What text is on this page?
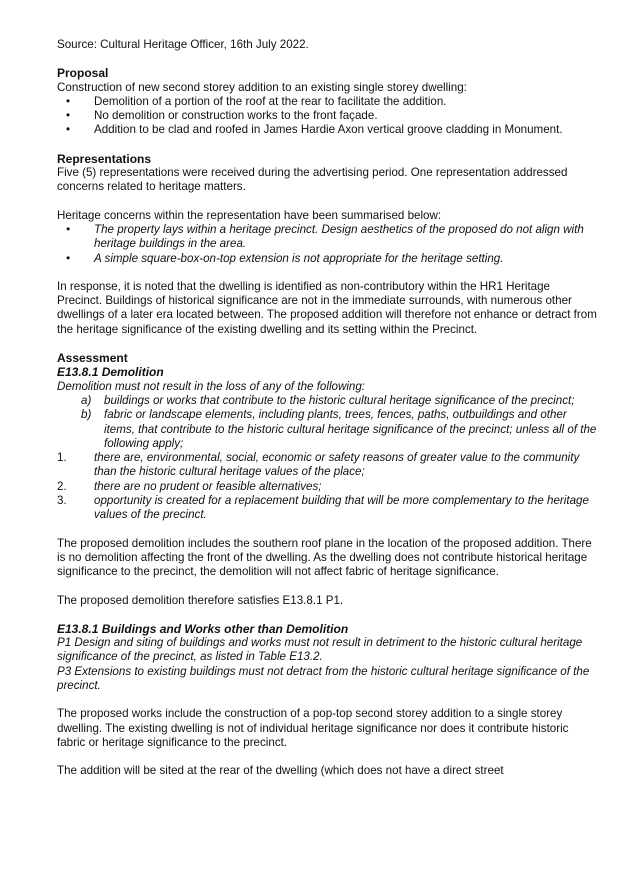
Source: Cultural Heritage Officer, 16th July 2022.

Proposal

Construction of new second storey addition to an existing single storey dwelling:

• Demolition of a portion of the roof at the rear to facilitate the addition.
• No demolition or construction works to the front façade.
• Addition to be clad and roofed in James Hardie Axon vertical groove cladding in Monument.

Representations

Five (5) representations were received during the advertising period. One representation addressed concerns related to heritage matters.

Heritage concerns within the representation have been summarised below:

• The property lays within a heritage precinct. Design aesthetics of the proposed do not align with heritage buildings in the area.
• A simple square-box-on-top extension is not appropriate for the heritage setting.

In response, it is noted that the dwelling is identified as non-contributory within the HR1 Heritage Precinct. Buildings of historical significance are not in the immediate surrounds, with numerous other dwellings of a later era located between. The proposed addition will therefore not enhance or detract from the heritage significance of the existing dwelling and its setting within the Precinct.

Assessment

E13.8.1 Demolition

Demolition must not result in the loss of any of the following:

a) buildings or works that contribute to the historic cultural heritage significance of the precinct;

b) fabric or landscape elements, including plants, trees, fences, paths, outbuildings and other items, that contribute to the historic cultural heritage significance of the precinct; unless all of the following apply;

1. there are, environmental, social, economic or safety reasons of greater value to the community than the historic cultural heritage values of the place;
2. there are no prudent or feasible alternatives;
3. opportunity is created for a replacement building that will be more complementary to the heritage values of the precinct.

The proposed demolition includes the southern roof plane in the location of the proposed addition. There is no demolition affecting the front of the dwelling. As the dwelling does not contribute historical heritage significance to the precinct, the demolition will not affect fabric of heritage significance.

The proposed demolition therefore satisfies E13.8.1 P1.

E13.8.1 Buildings and Works other than Demolition

P1 Design and siting of buildings and works must not result in detriment to the historic cultural heritage significance of the precinct, as listed in Table E13.2.

P3 Extensions to existing buildings must not detract from the historic cultural heritage significance of the precinct.

The proposed works include the construction of a pop-top second storey addition to a single storey dwelling. The existing dwelling is not of individual heritage significance nor does it contribute historic fabric or heritage significance to the precinct.

The addition will be sited at the rear of the dwelling (which does not have a direct street
